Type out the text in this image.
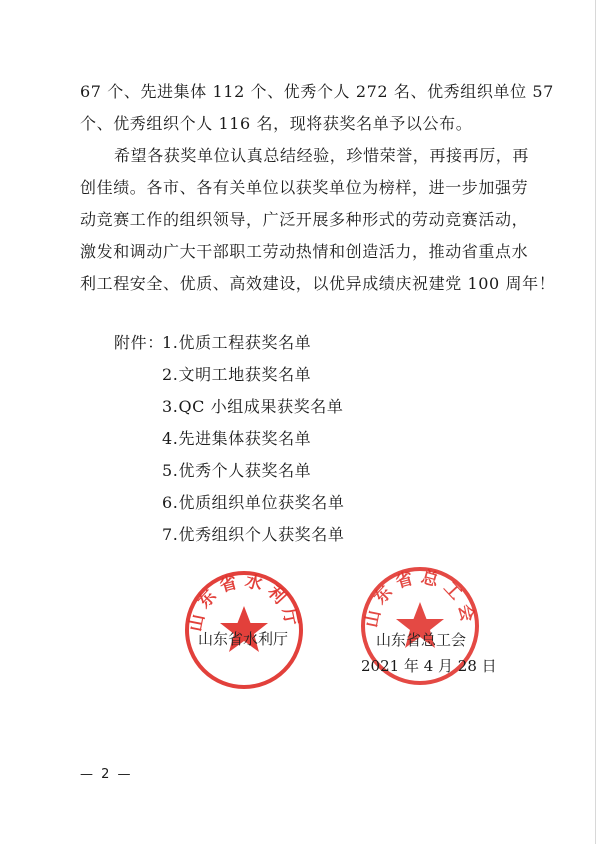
67 个、先进集体 112 个、优秀个人 272 名、优秀组织单位 57
个、优秀组织个人 116 名，现将获奖名单予以公布。
希望各获奖单位认真总结经验，珍惜荣誉，再接再厉，再
创佳绩。各市、各有关单位以获奖单位为榜样，进一步加强劳
动竞赛工作的组织领导，广泛开展多种形式的劳动竞赛活动，
激发和调动广大干部职工劳动热情和创造活力，推动省重点水
利工程安全、优质、高效建设，以优异成绩庆祝建党 100 周年！
附件：
1.优质工程获奖名单
2.文明工地获奖名单
3.QC 小组成果获奖名单
4.先进集体获奖名单
5.优秀个人获奖名单
6.优质组织单位获奖名单
7.优秀组织个人获奖名单
山东省水利厅	山东省总工会
山东省水利厅	山东省总工会
2021 年 4 月 28 日
— 2 —
